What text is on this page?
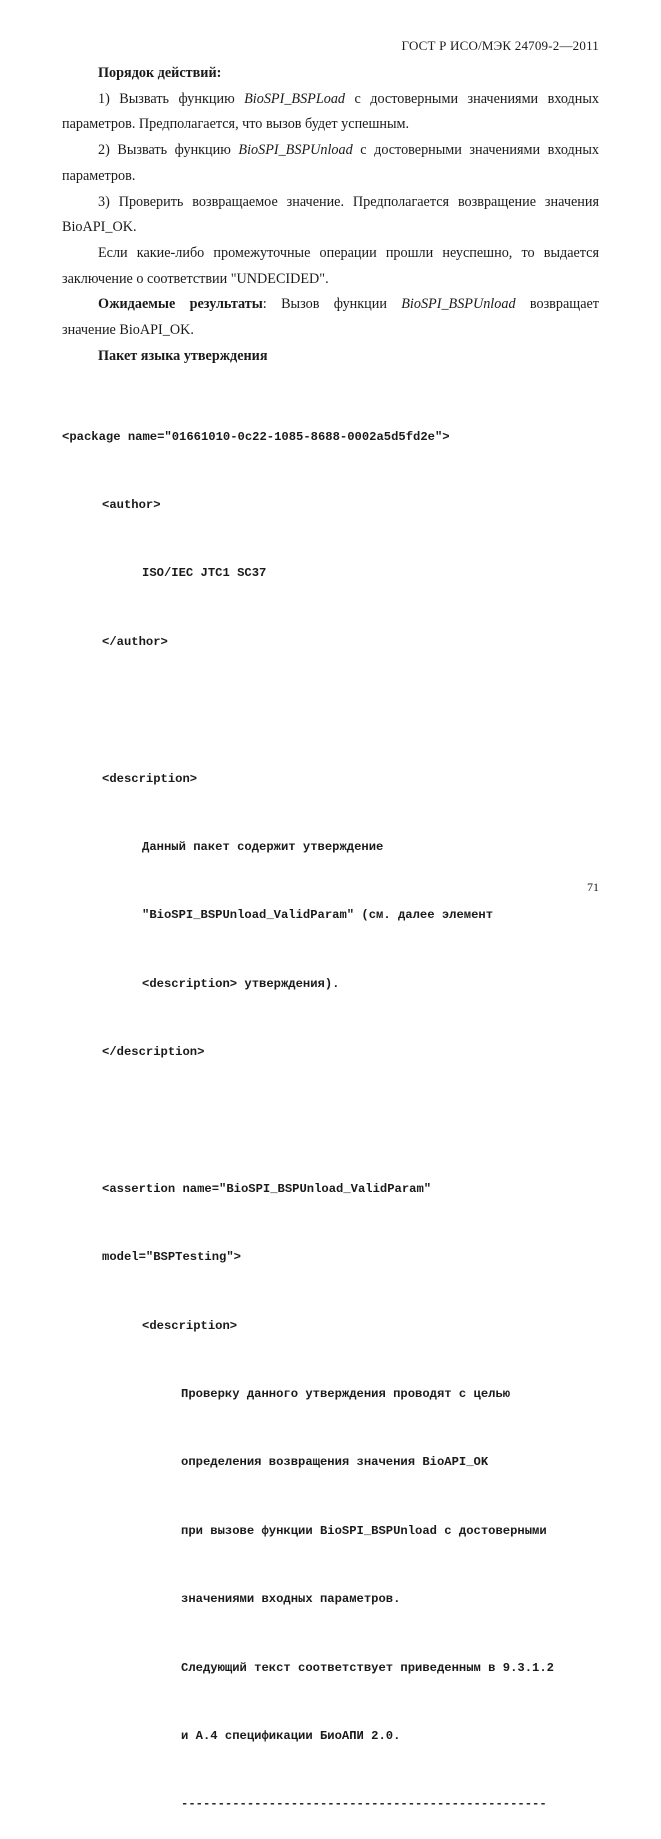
ГОСТ Р ИСО/МЭК 24709-2—2011

Порядок действий:

1) Вызвать функцию BioSPI_BSPLoad с достоверными значениями входных параметров. Предполагается, что вызов будет успешным.

2) Вызвать функцию BioSPI_BSPUnload с достоверными значениями входных параметров.

3) Проверить возвращаемое значение. Предполагается возвращение значения BioAPI_OK.

Если какие-либо промежуточные операции прошли неуспешно, то выдается заключение о соответствии "UNDECIDED".

Ожидаемые результаты: Вызов функции BioSPI_BSPUnload возвращает значение BioAPI_OK.

Пакет языка утверждения

<package name="01661010-0c22-1085-8688-0002a5d5fd2e">

<author>

ISO/IEC JTC1 SC37

</author>

<description>

Данный пакет содержит утверждение

"BioSPI_BSPUnload_ValidParam" (см. далее элемент

<description> утверждения).

</description>

<assertion name="BioSPI_BSPUnload_ValidParam"

model="BSPTesting">

<description>

Проверку данного утверждения проводят с целью

определения возвращения значения BioAPI_OK

при вызове функции BioSPI_BSPUnload с достоверными

значениями входных параметров.

Следующий текст соответствует приведенным в 9.3.1.2

и А.4 спецификации БиоАПИ 2.0.

--------------------------------------------------

71
